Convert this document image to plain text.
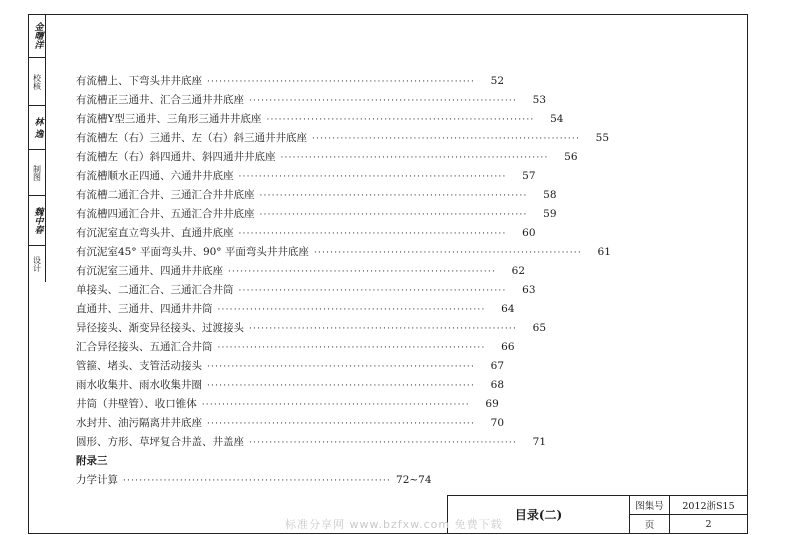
金曙洋
校核
林 逸
制图
魏中春
设计
有流槽上、下弯头井井底座 ··································································	52
有流槽正三通井、汇合三通井井底座 ··································································	53
有流槽Y型三通井、三角形三通井井底座 ··································································	54
有流槽左（右）三通井、左（右）斜三通井井底座 ··································································	55
有流槽左（右）斜四通井、斜四通井井底座 ··································································	56
有流槽顺水正四通、六通井井底座 ··································································	57
有流槽二通汇合井、三通汇合井井底座 ··································································	58
有流槽四通汇合井、五通汇合井井底座 ··································································	59
有沉泥室直立弯头井、直通井底座 ··································································	60
有沉泥室45° 平面弯头井、90° 平面弯头井井底座 ··································································	61
有沉泥室三通井、四通井井底座 ··································································	62
单接头、二通汇合、三通汇合井筒 ··································································	63
直通井、三通井、四通井井筒 ··································································	64
异径接头、渐变异径接头、过渡接头 ··································································	65
汇合异径接头、五通汇合井筒 ··································································	66
管箍、堵头、支管活动接头 ··································································	67
雨水收集井、雨水收集井圈 ··································································	68
井筒（井壁管）、收口锥体 ··································································	69
水封井、油污隔离井井底座 ··································································	70
圆形、方形、草坪复合井盖、井盖座 ··································································	71
附录三
力学计算 ·································································· 72~74
目录(二)
图集号	2012浙S15
页	2
标准分享网 www.bzfxw.com 免费下载
